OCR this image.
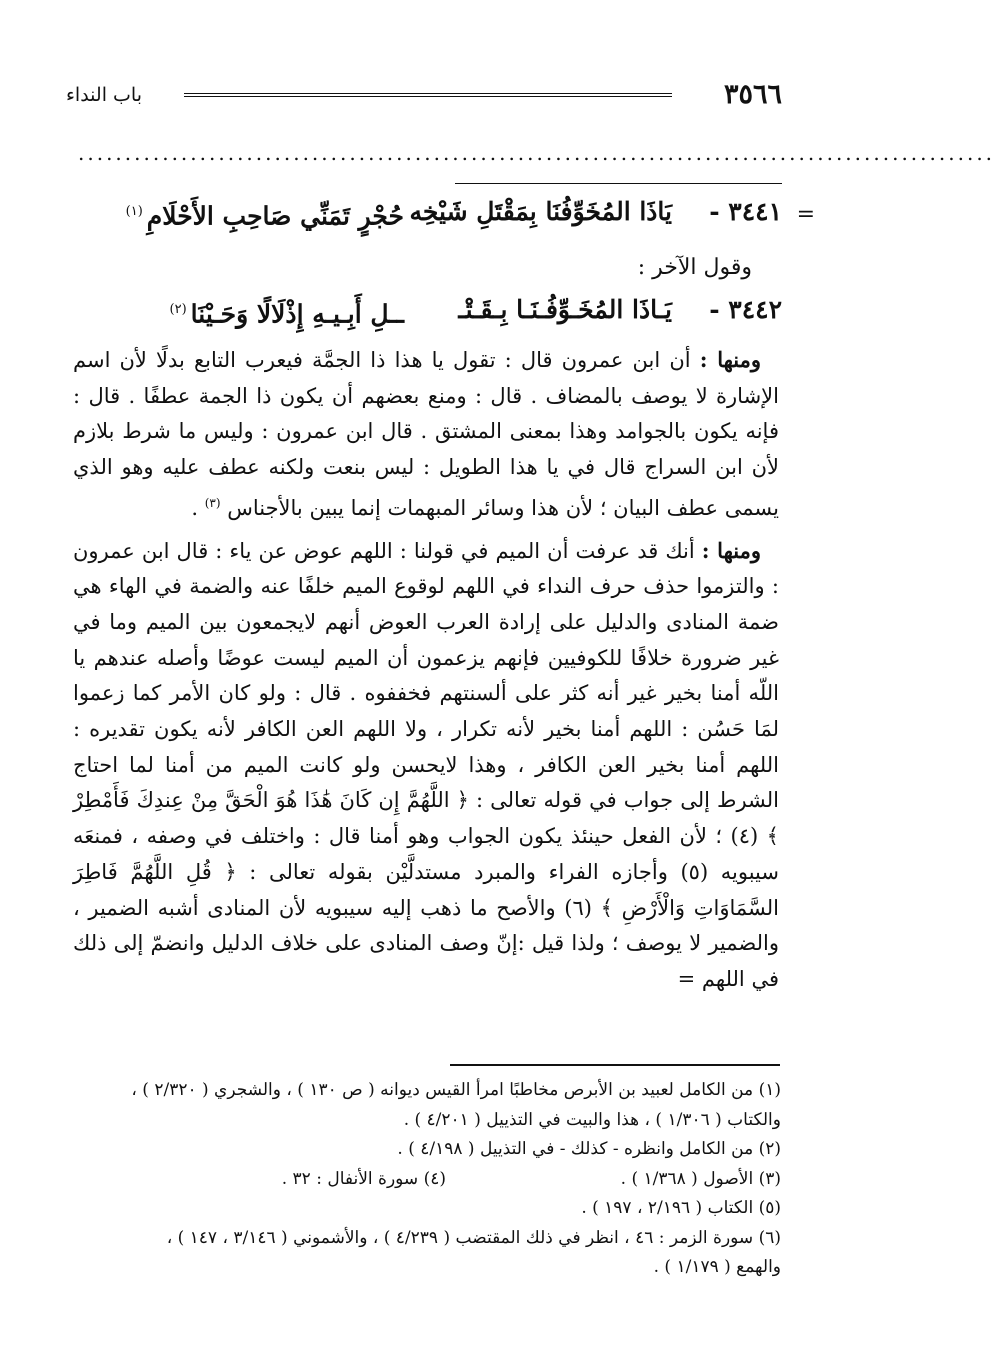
٣٥٦٦
باب النداء
..................................................................................................
٣٤٤١ -
يَاذَا المُخَوِّفُنَا بِمَقْتَلِ شَيْخِه
حُجْرٍ تَمَنِّي صَاحِبِ الأَحْلَامِ$^{(١)}$	=
وقول الآخر :
٣٤٤٢ -
يَـاذَا المُخَـوِّفُـنَـا بِـقَـتْـ
ــلِ أَبِـيـهِ إِذْلَالًا وَحَـيْنَا$^{(٢)}$

ومنها : أن ابن عمرون قال : تقول يا هذا ذا الجمَّة فيعرب التابع بدلًا لأن اسم الإشارة لا يوصف بالمضاف . قال : ومنع بعضهم أن يكون ذا الجمة عطفًا . قال : فإنه يكون بالجوامد وهذا بمعنى المشتق . قال ابن عمرون : وليس ما شرط بلازم لأن ابن السراج قال في يا هذا الطويل : ليس بنعت ولكنه عطف عليه وهو الذي يسمى عطف البيان ؛ لأن هذا وسائر المبهمات إنما يبين بالأجناس $^{(٣)}$ .

ومنها : أنك قد عرفت أن الميم في قولنا : اللهم عوض عن ياء : قال ابن عمرون : والتزموا حذف حرف النداء في اللهم لوقوع الميم خلفًا عنه والضمة في الهاء هي ضمة المنادى والدليل على إرادة العرب العوض أنهم لايجمعون بين الميم وما في غير ضرورة خلافًا للكوفيين فإنهم يزعمون أن الميم ليست عوضًا وأصله عندهم يا اللّه أمنا بخير غير أنه كثر على ألسنتهم فخففوه . قال : ولو كان الأمر كما زعموا لمَا حَسُن : اللهم أمنا بخير لأنه تكرار ، ولا اللهم العن الكافر لأنه يكون تقديره : اللهم أمنا بخير العن الكافر ، وهذا لايحسن ولو كانت الميم من أمنا لما احتاج الشرط إلى جواب في قوله تعالى : ﴿ اللَّهُمَّ إِن كَانَ هَٰذَا هُوَ الْحَقَّ مِنْ عِندِكَ فَأَمْطِرْ ﴾ (٤) ؛ لأن الفعل حينئذ يكون الجواب وهو أمنا قال : واختلف في وصفه ، فمنعَه سيبويه (٥) وأجازه الفراء والمبرد مستدلَّيْن بقوله تعالى : ﴿ قُلِ اللَّهُمَّ فَاطِرَ السَّمَاوَاتِ وَالْأَرْضِ ﴾ (٦) والأصح ما ذهب إليه سيبويه لأن المنادى أشبه الضمير ، والضمير لا يوصف ؛ ولذا قيل :إنّ وصف المنادى على خلاف الدليل وانضمّ إلى ذلك في اللهم =

(١) من الكامل لعبيد بن الأبرص مخاطبًا امرأ القيس ديوانه ( ص ١٣٠ ) ، والشجري ( ٢/٣٢٠ ) ،
والكتاب ( ١/٣٠٦ ) ، هذا والبيت في التذييل ( ٤/٢٠١ ) .
(٢) من الكامل وانظره - كذلك - في التذييل ( ٤/١٩٨ ) .
(٣) الأصول ( ١/٣٦٨ ) .
(٤) سورة الأنفال : ٣٢ .
(٥) الكتاب ( ٢/١٩٦ ، ١٩٧ ) .
(٦) سورة الزمر : ٤٦ ، انظر في ذلك المقتضب ( ٤/٢٣٩ ) ، والأشموني ( ٣/١٤٦ ، ١٤٧ ) ،
والهمع ( ١/١٧٩ ) .
